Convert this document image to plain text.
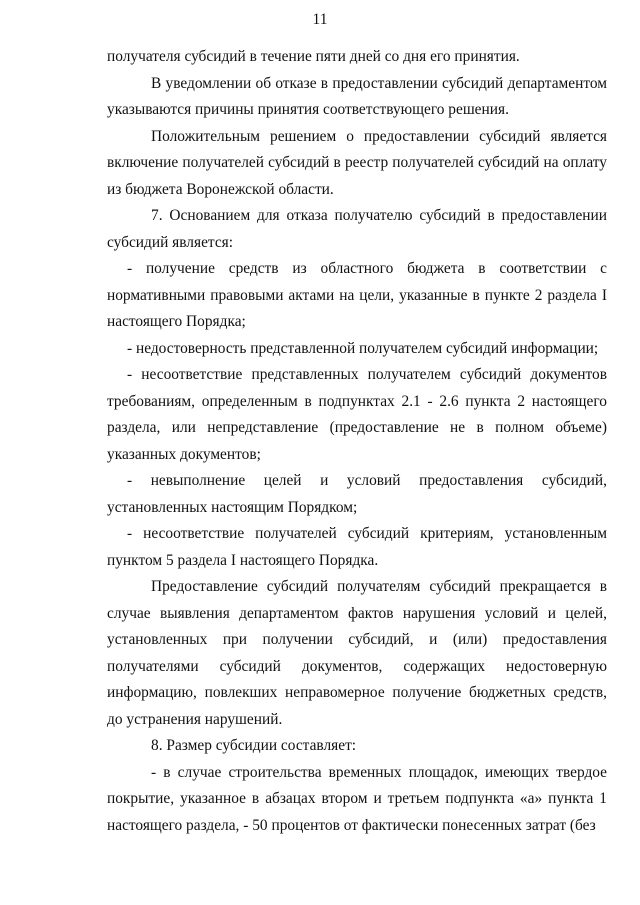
11

получателя субсидий в течение пяти дней со дня его принятия.

В уведомлении об отказе в предоставлении субсидий департаментом указываются причины принятия соответствующего решения.

Положительным решением о предоставлении субсидий является включение получателей субсидий в реестр получателей субсидий на оплату из бюджета Воронежской области.

7. Основанием для отказа получателю субсидий в предоставлении субсидий является:

- получение средств из областного бюджета в соответствии с нормативными правовыми актами на цели, указанные в пункте 2 раздела I настоящего Порядка;

- недостоверность представленной получателем субсидий информации;

- несоответствие представленных получателем субсидий документов требованиям, определенным в подпунктах 2.1 - 2.6 пункта 2 настоящего раздела, или непредставление (предоставление не в полном объеме) указанных документов;

- невыполнение целей и условий предоставления субсидий, установленных настоящим Порядком;

- несоответствие получателей субсидий критериям, установленным пунктом 5 раздела I настоящего Порядка.

Предоставление субсидий получателям субсидий прекращается в случае выявления департаментом фактов нарушения условий и целей, установленных при получении субсидий, и (или) предоставления получателями субсидий документов, содержащих недостоверную информацию, повлекших неправомерное получение бюджетных средств, до устранения нарушений.

8. Размер субсидии составляет:

- в случае строительства временных площадок, имеющих твердое покрытие, указанное в абзацах втором и третьем подпункта «а» пункта 1 настоящего раздела, - 50 процентов от фактически понесенных затрат (без
